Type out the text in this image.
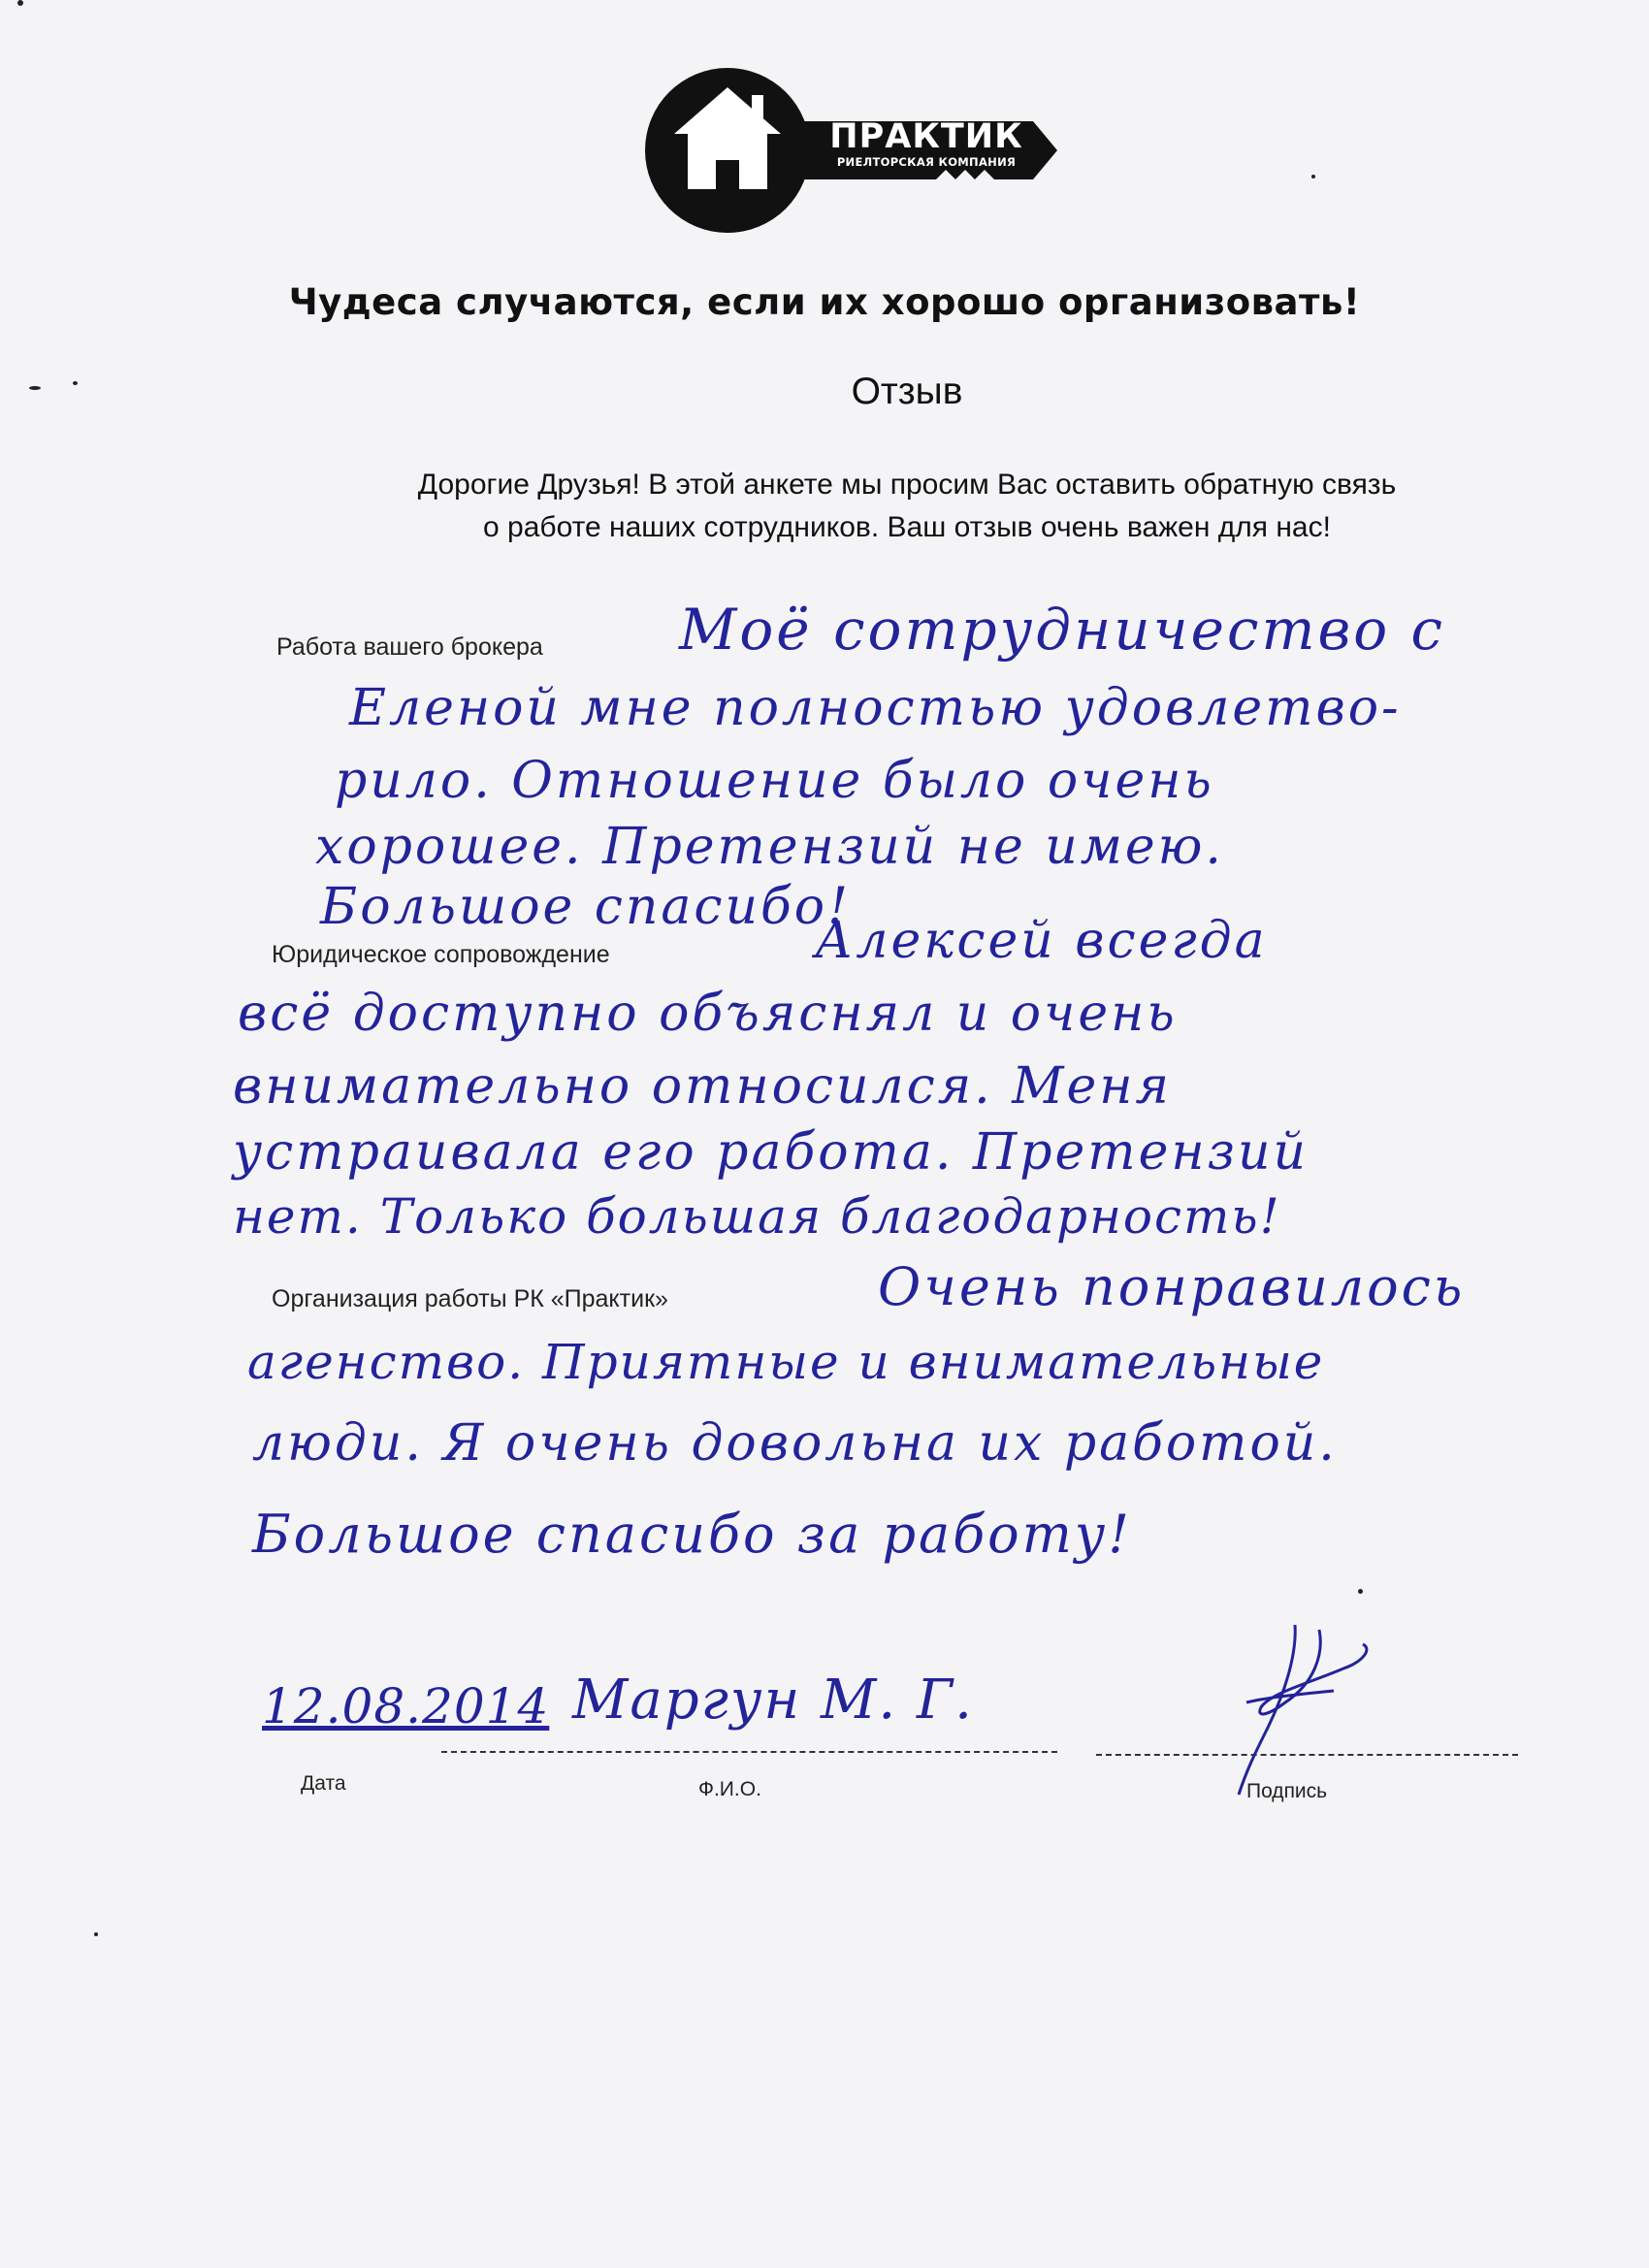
ПРАКТИК
РИЕЛТОРСКАЯ КОМПАНИЯ
Чудеса случаются, если их хорошо организовать!
Отзыв
Дорогие Друзья! В этой анкете мы просим Вас оставить обратную связь
о работе наших сотрудников. Ваш отзыв очень важен для нас!
Работа вашего брокера Моё сотрудничество с
Еленой мне полностью удовлетво-
рило. Отношение было очень
хорошее. Претензий не имею.
Большое спасибо!
Юридическое сопровождение	Алексей всегда
всё доступно объяснял и очень
внимательно относился. Меня
устраивала его работа. Претензий
нет. Только большая благодарность!
Организация работы РК «Практик»	Очень понравилось
агенство. Приятные и внимательные
люди. Я очень довольна их работой.
Большое спасибо за работу!
12.08.2014 Маргун М. Г.
Дата	Ф.И.О.	Подпись
